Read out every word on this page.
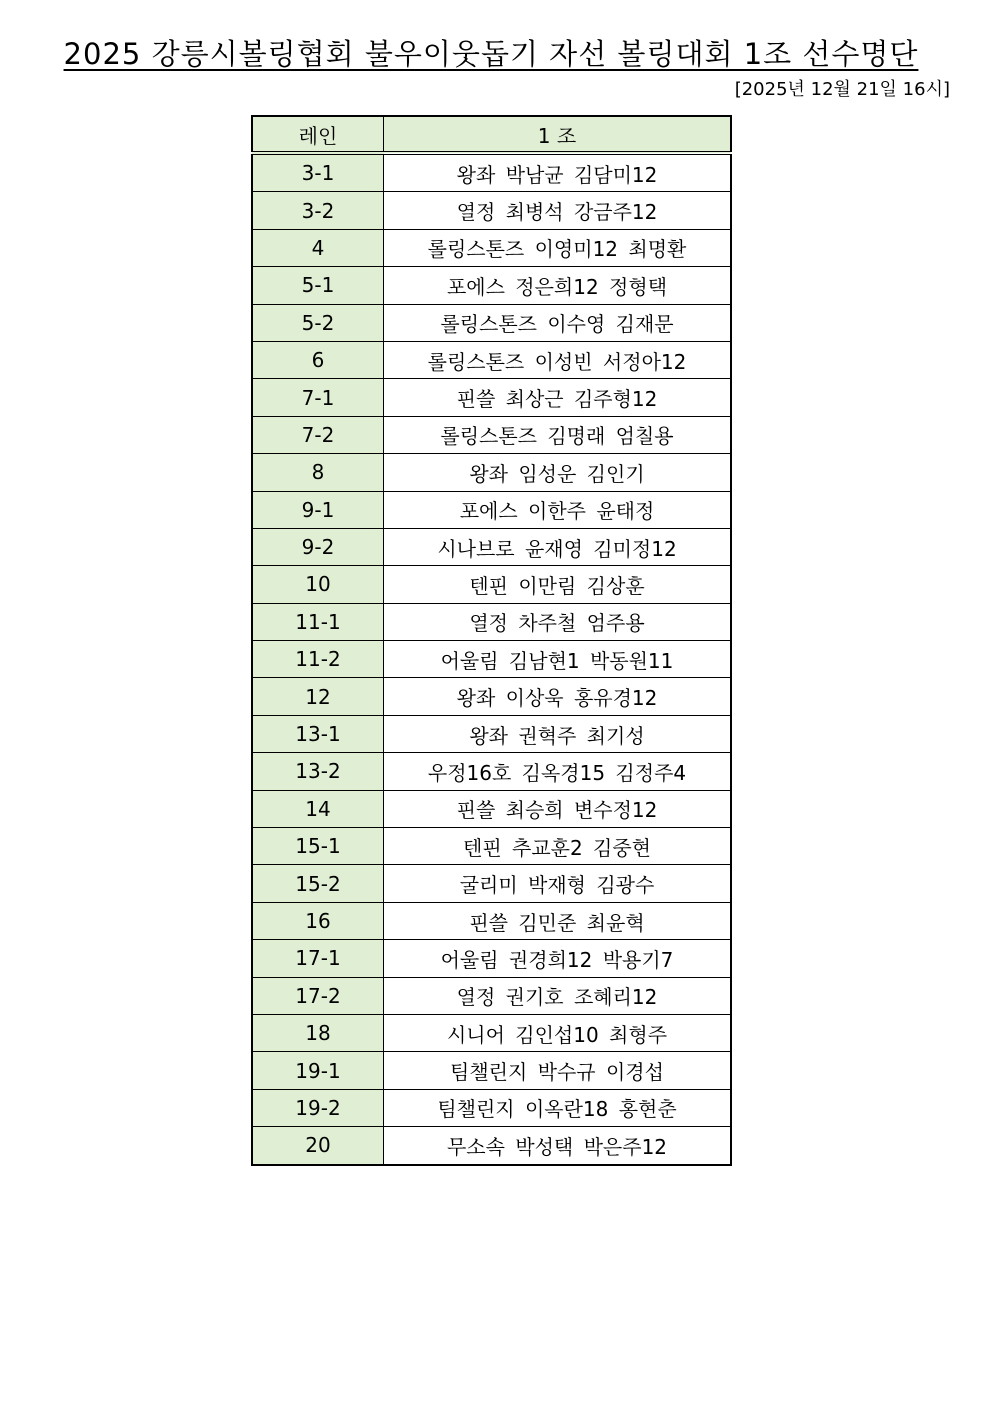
2025 강릉시볼링협회 불우이웃돕기 자선 볼링대회 1조 선수명단
[2025년 12월 21일 16시]
레인	1 조
3-1	왕좌 박남균 김담미12
3-2	열정 최병석 강금주12
4	롤링스톤즈 이영미12 최명환
5-1	포에스 정은희12 정형택
5-2	롤링스톤즈 이수영 김재문
6	롤링스톤즈 이성빈 서정아12
7-1	핀쓸 최상근 김주형12
7-2	롤링스톤즈 김명래 엄칠용
8	왕좌 임성운 김인기
9-1	포에스 이한주 윤태정
9-2	시나브로 윤재영 김미정12
10	텐핀 이만림 김상훈
11-1	열정 차주철 엄주용
11-2	어울림 김남현1 박동원11
12	왕좌 이상욱 홍유경12
13-1	왕좌 권혁주 최기성
13-2	우정16호 김옥경15 김정주4
14	핀쓸 최승희 변수정12
15-1	텐핀 추교훈2 김중현
15-2	굴리미 박재형 김광수
16	핀쓸 김민준 최윤혁
17-1	어울림 권경희12 박용기7
17-2	열정 권기호 조혜리12
18	시니어 김인섭10 최형주
19-1	팀챌린지 박수규 이경섭
19-2	팀챌린지 이옥란18 홍현춘
20	무소속 박성택 박은주12
